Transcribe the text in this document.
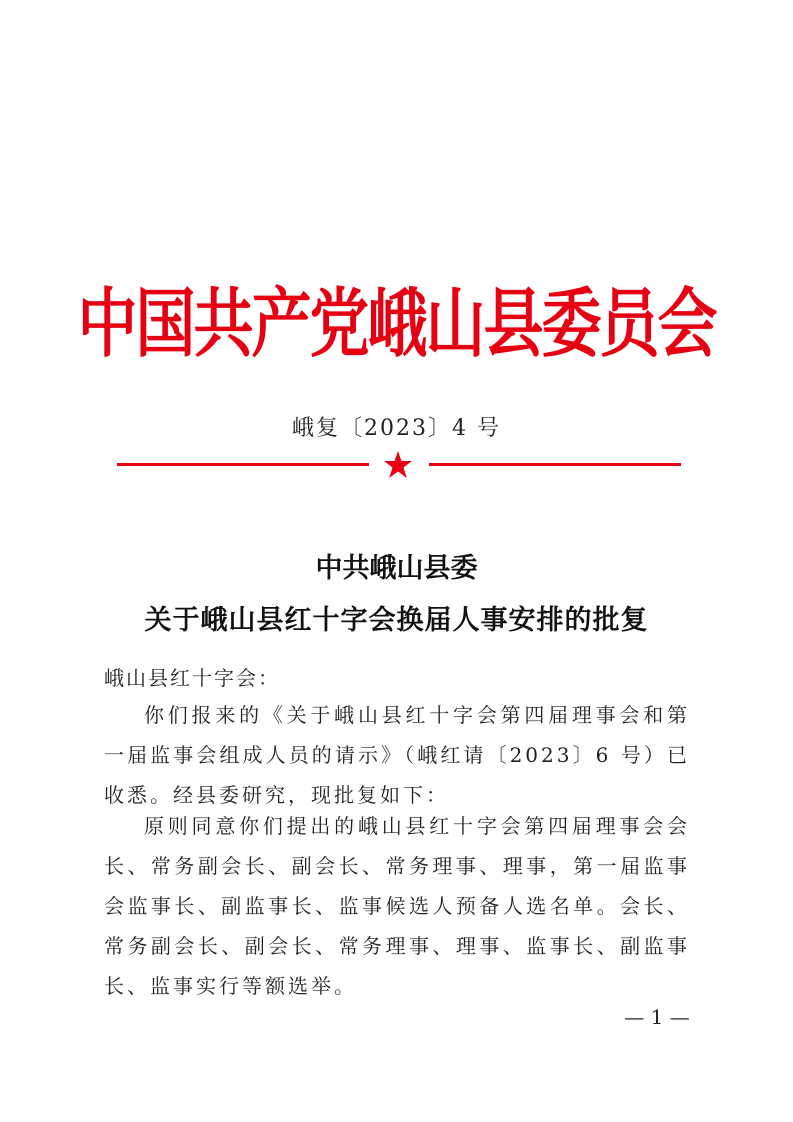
中国共产党峨山县委员会
峨复〔2023〕4 号
中共峨山县委
关于峨山县红十字会换届人事安排的批复
峨山县红十字会：
你们报来的《关于峨山县红十字会第四届理事会和第一届监事会组成人员的请示》（峨红请〔2023〕6 号）已收悉。经县委研究，现批复如下：
原则同意你们提出的峨山县红十字会第四届理事会会长、常务副会长、副会长、常务理事、理事，第一届监事会监事长、副监事长、监事候选人预备人选名单。会长、常务副会长、副会长、常务理事、理事、监事长、副监事长、监事实行等额选举。
— 1 —
